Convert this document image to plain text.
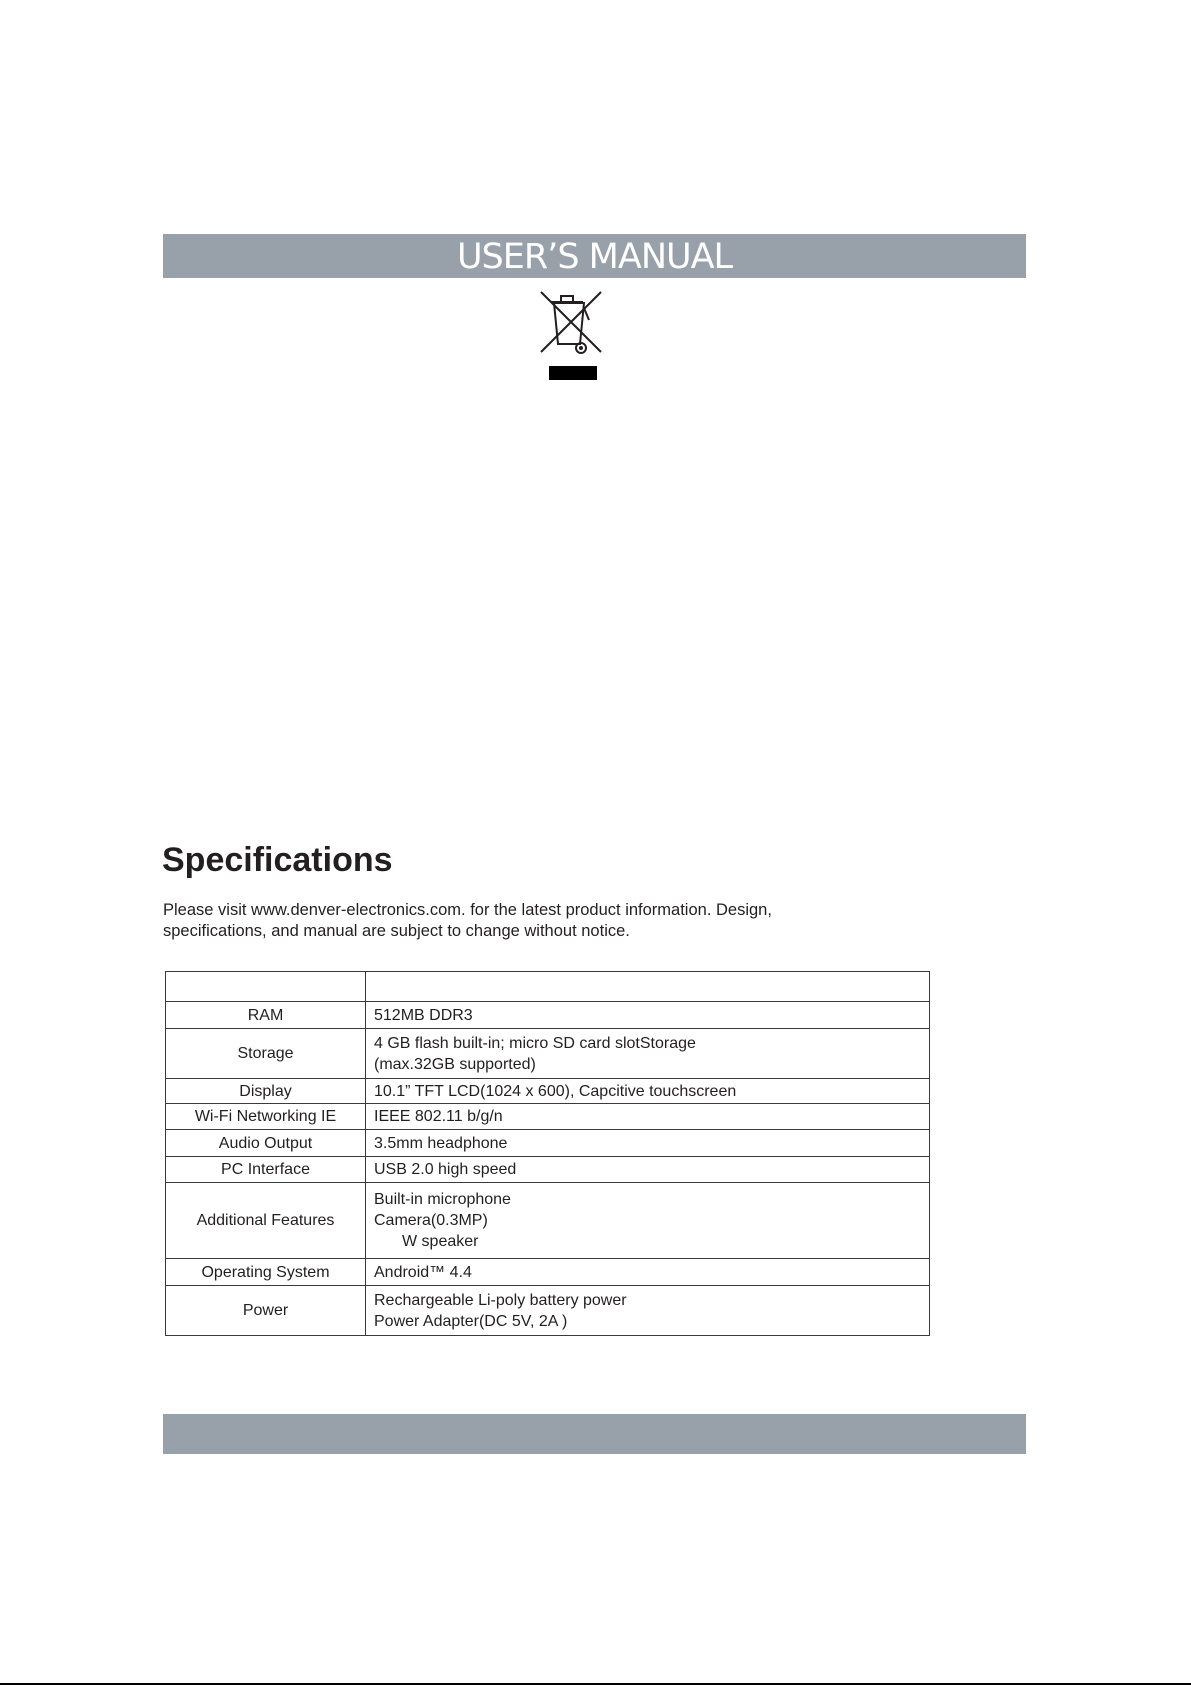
USER’S MANUAL
Specifications

Please visit www.denver-electronics.com. for the latest product information. Design,

specifications, and manual are subject to change without notice.

RAM	512MB DDR3

Storage	4 GB flash built-in; micro SD card slotStorage
(max.32GB supported)

Display	10.1” TFT LCD(1024 x 600), Capcitive touchscreen

Wi-Fi Networking IE	IEEE 802.11 b/g/n

Audio Output	3.5mm headphone

PC Interface	USB 2.0 high speed

Additional Features	Built-in microphone
Camera(0.3MP)
W speaker

Operating System	Android™ 4.4

Power	Rechargeable Li-poly battery power
Power Adapter(DC 5V, 2A )
